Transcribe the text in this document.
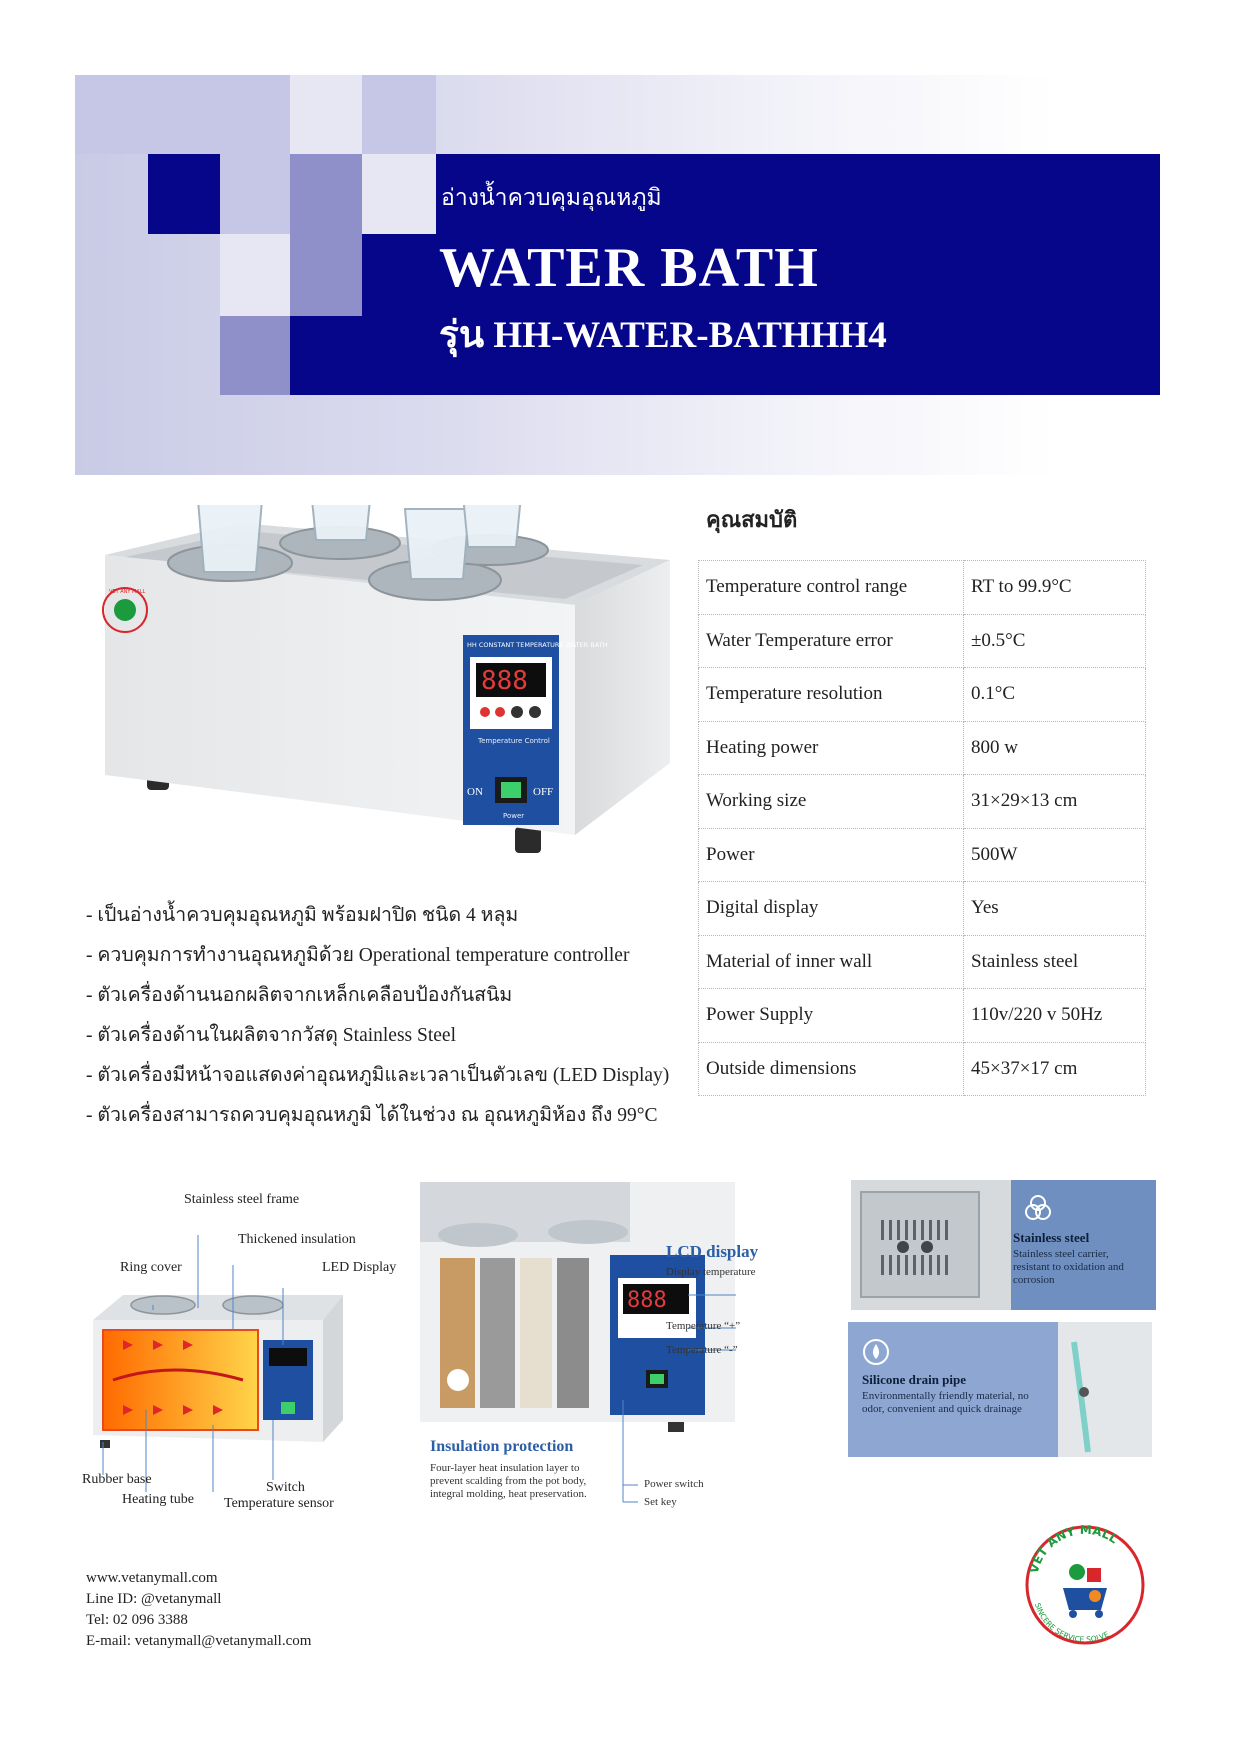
อ่างน้ำควบคุมอุณหภูมิ
WATER BATH
รุ่น HH-WATER-BATHHH4
888
Temperature Control
ON	OFF
Power
HH CONSTANT TEMPERATURE WATER BATH
VET ANY MALL
คุณสมบัติ
Temperature control range	RT to 99.9°C
Water Temperature error	±0.5°C
Temperature resolution	0.1°C
Heating power	800 w
Working size	31×29×13 cm
Power	500W
Digital display	Yes
Material of inner wall	Stainless steel
Power Supply	110v/220 v 50Hz
Outside dimensions	45×37×17 cm
- เป็นอ่างน้ำควบคุมอุณหภูมิ พร้อมฝาปิด ชนิด 4 หลุม
- ควบคุมการทำงานอุณหภูมิด้วย Operational temperature controller
- ตัวเครื่องด้านนอกผลิตจากเหล็กเคลือบป้องกันสนิม
- ตัวเครื่องด้านในผลิตจากวัสดุ Stainless Steel
- ตัวเครื่องมีหน้าจอแสดงค่าอุณหภูมิและเวลาเป็นตัวเลข (LED Display)
- ตัวเครื่องสามารถควบคุมอุณหภูมิ ได้ในช่วง ณ อุณหภูมิห้อง ถึง 99°C
Stainless steel frame
Thickened insulation
Ring cover	LED Display
Rubber base
Heating tube
Switch
Temperature sensor
888
LCD display
Display temperature
Temperature “+”
Temperature “-”
Insulation protection
Four-layer heat insulation layer to prevent scalding from the pot body, integral molding, heat preservation.
Power switch
Set key
Stainless steel
Stainless steel carrier, resistant to oxidation and corrosion
Silicone drain pipe
Environmentally friendly material, no odor, convenient and quick drainage
www.vetanymall.com
Line ID: @vetanymall
Tel: 02 096 3388
E-mail: vetanymall@vetanymall.com
VET ANY MALL
SINCERE SERVICE SOLVE
